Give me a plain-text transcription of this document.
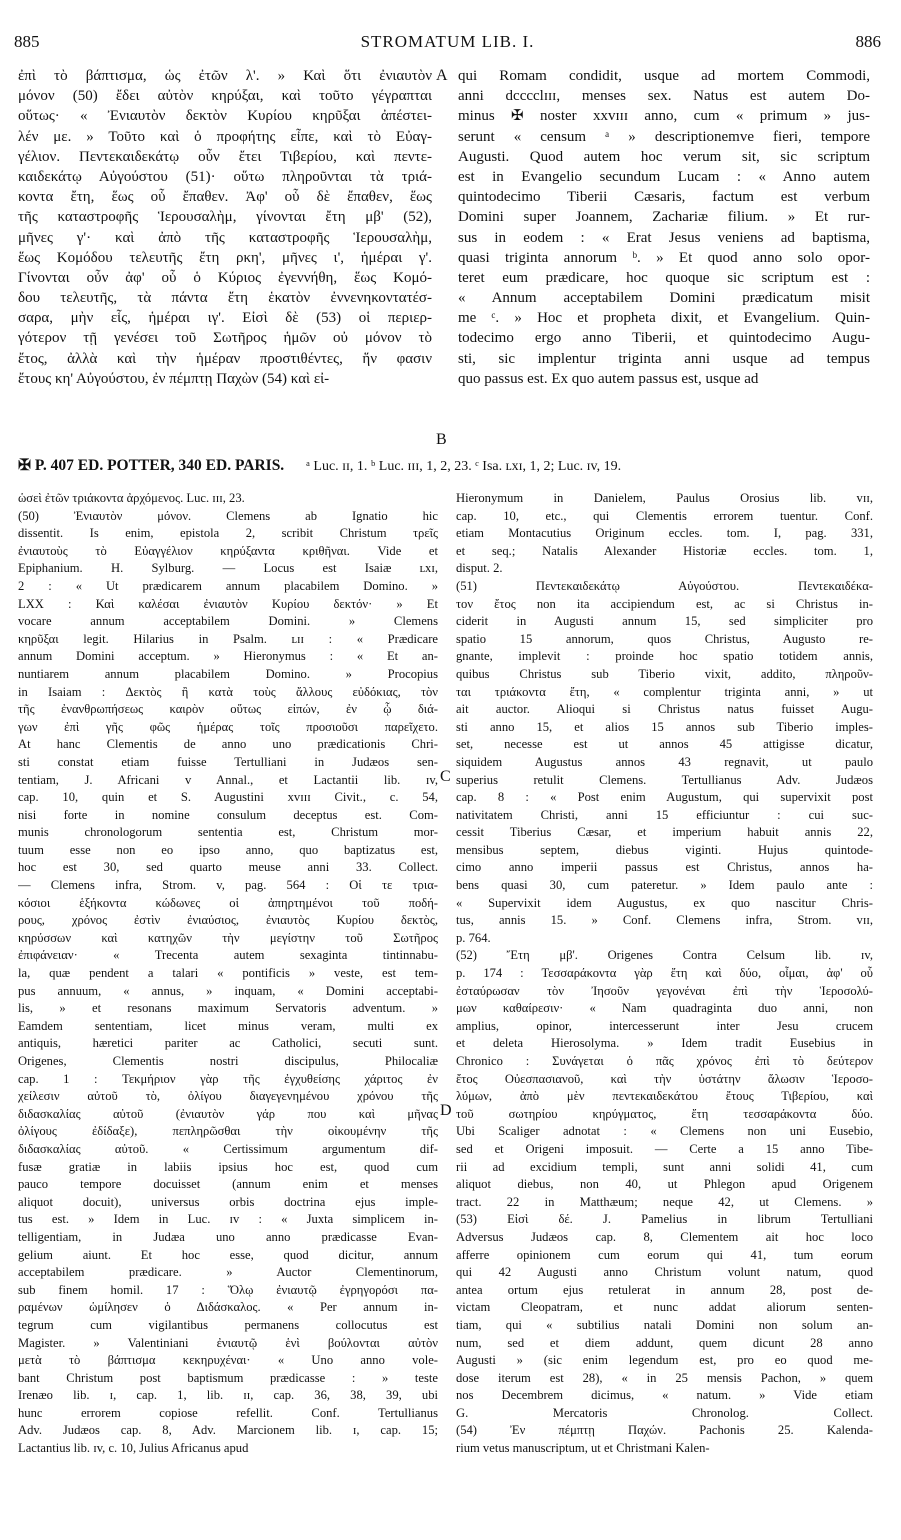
885	STROMATUM LIB. I.	886
ἐπὶ τὸ βάπτισμα, ὡς ἐτῶν λ'. » Καὶ ὅτι ἐνιαυτὸν
μόνον (50) ἔδει αὐτὸν κηρύξαι, καὶ τοῦτο γέγραπται
οὕτως· « Ἐνιαυτὸν δεκτὸν Κυρίου κηρῦξαι ἀπέστει-
λέν με. » Τοῦτο καὶ ὁ προφήτης εἶπε, καὶ τὸ Εὐαγ-
γέλιον. Πεντεκαιδεκάτῳ οὖν ἔτει Τιβερίου, καὶ πεντε-
καιδεκάτῳ Αὐγούστου (51)· οὕτω πληροῦνται τὰ τριά-
κοντα ἔτη, ἕως οὗ ἔπαθεν. Ἀφ' οὗ δὲ ἔπαθεν, ἕως
τῆς καταστροφῆς Ἱερουσαλὴμ, γίνονται ἔτη μβ' (52),
μῆνες γ'· καὶ ἀπὸ τῆς καταστροφῆς Ἱερουσαλὴμ,
ἕως Κομόδου τελευτῆς ἔτη ρκη', μῆνες ι', ἡμέραι γ'.
Γίνονται οὖν ἀφ' οὗ ὁ Κύριος ἐγεννήθη, ἕως Κομό-
δου τελευτῆς, τὰ πάντα ἔτη ἑκατὸν ἐννενηκοντατέσ-
σαρα, μὴν εἷς, ἡμέραι ιγ'. Εἰσὶ δὲ (53) οἱ περιερ-
γότερον τῇ γενέσει τοῦ Σωτῆρος ἡμῶν οὐ μόνον τὸ
ἔτος, ἀλλὰ καὶ τὴν ἡμέραν προστιθέντες, ἥν φασιν
ἔτους κη' Αὐγούστου, ἐν πέμπτῃ Παχὼν (54) καὶ εἰ-
qui Romam condidit, usque ad mortem Commodi,
anni dcccclɪɪɪ, menses sex. Natus est autem Do-
minus ✠ noster xxvɪɪɪ anno, cum « primum » jus-
serunt « censum ᵃ » descriptionemve fieri, tempore
Augusti. Quod autem hoc verum sit, sic scriptum
est in Evangelio secundum Lucam : « Anno autem
quintodecimo Tiberii Cæsaris, factum est verbum
Domini super Joannem, Zachariæ filium. » Et rur-
sus in eodem : « Erat Jesus veniens ad baptisma,
quasi triginta annorum ᵇ. » Et quod anno solo opor-
teret eum prædicare, hoc quoque sic scriptum est :
« Annum acceptabilem Domini prædicatum misit
me ᶜ. » Hoc et propheta dixit, et Evangelium. Quin-
todecimo ergo anno Tiberii, et quintodecimo Augu-
sti, sic implentur triginta anni usque ad tempus
quo passus est. Ex quo autem passus est, usque ad
A
B
C
D
✠ P. 407 ED. POTTER, 340 ED. PARIS. ᵃ Luc. ɪɪ, 1. ᵇ Luc. ɪɪɪ, 1, 2, 23. ᶜ Isa. ʟxɪ, 1, 2; Luc. ɪv, 19.
ὡσεὶ ἐτῶν τριάκοντα ἀρχόμενος. Luc. ɪɪɪ, 23.
(50) Ἐνιαυτὸν μόνον. Clemens ab Ignatio hic
dissentit. Is enim, epistola 2, scribit Christum τρεῖς
ἐνιαυτοὺς τὸ Εὐαγγέλιον κηρύξαντα κριθῆναι. Vide et
Epiphanium. H. Sylburg. — Locus est Isaiæ ʟxɪ,
2 : « Ut prædicarem annum placabilem Domino. »
LXX : Καὶ καλέσαι ἐνιαυτὸν Κυρίου δεκτόν· » Et
vocare annum acceptabilem Domini. » Clemens
κηρῦξαι legit. Hilarius in Psalm. ʟɪɪ : « Prædicare
annum Domini acceptum. » Hieronymus : « Et an-
nuntiarem annum placabilem Domino. » Procopius
in Isaiam : Δεκτὸς ἢ κατὰ τοὺς ἄλλους εὐδόκιας, τὸν
τῆς ἐνανθρωπήσεως καιρὸν οὕτως εἰπών, ἐν ᾧ διά-
γων ἐπὶ γῆς φῶς ἡμέρας τοῖς προσιοῦσι παρεῖχετο.
At hanc Clementis de anno uno prædicationis Chri-
sti constat etiam fuisse Tertulliani in Judæos sen-
tentiam, J. Africani v Annal., et Lactantii lib. ɪv,
cap. 10, quin et S. Augustini xvɪɪɪ Civit., c. 54,
nisi forte in nomine consulum deceptus est. Com-
munis chronologorum sententia est, Christum mor-
tuum esse non eo ipso anno, quo baptizatus est,
hoc est 30, sed quarto meuse anni 33. Collect.
— Clemens infra, Strom. v, pag. 564 : Οἱ τε τρια-
κόσιοι ἑξήκοντα κώδωνες οἱ ἀπηρτημένοι τοῦ ποδή-
ρους, χρόνος ἐστὶν ἐνιαύσιος, ἐνιαυτὸς Κυρίου δεκτὸς,
κηρύσσων καὶ κατηχῶν τὴν μεγίστην τοῦ Σωτῆρος
ἐπιφάνειαν· « Trecenta autem sexaginta tintinnabu-
la, quæ pendent a talari « pontificis » veste, est tem-
pus annuum, « annus, » inquam, « Domini acceptabi-
lis, » et resonans maximum Servatoris adventum. »
Eamdem sententiam, licet minus veram, multi ex
antiquis, hæretici pariter ac Catholici, secuti sunt.
Origenes, Clementis nostri discipulus, Philocaliæ
cap. 1 : Τεκμήριον γὰρ τῆς ἐγχυθείσης χάριτος ἐν
χείλεσιν αὐτοῦ τὸ, ὀλίγου διαγεγενημένου χρόνου τῆς
διδασκαλίας αὐτοῦ (ἐνιαυτὸν γάρ που καὶ μῆνας
ὀλίγους ἐδίδαξε), πεπληρῶσθαι τὴν οἰκουμένην τῆς
διδασκαλίας αὐτοῦ. « Certissimum argumentum dif-
fusæ gratiæ in labiis ipsius hoc est, quod cum
pauco tempore docuisset (annum enim et menses
aliquot docuit), universus orbis doctrina ejus imple-
tus est. » Idem in Luc. ɪv : « Juxta simplicem in-
telligentiam, in Judæa uno anno prædicasse Evan-
gelium aiunt. Et hoc esse, quod dicitur, annum
acceptabilem prædicare. » Auctor Clementinorum,
sub finem homil. 17 : Ὅλῳ ἐνιαυτῷ ἐγρηγορόσι πα-
ραμένων ὡμίλησεν ὁ Διδάσκαλος. « Per annum in-
tegrum cum vigilantibus permanens collocutus est
Magister. » Valentiniani ἐνιαυτῷ ἑνὶ βούλονται αὐτὸν
μετὰ τὸ βάπτισμα κεκηρυχέναι· « Uno anno vole-
bant Christum post baptismum prædicasse : » teste
Irenæo lib. ɪ, cap. 1, lib. ɪɪ, cap. 36, 38, 39, ubi
hunc errorem copiose refellit. Conf. Tertullianus
Adv. Judæos cap. 8, Adv. Marcionem lib. ɪ, cap. 15;
Lactantius lib. ɪv, c. 10, Julius Africanus apud
Hieronymum in Danielem, Paulus Orosius lib. vɪɪ,
cap. 10, etc., qui Clementis errorem tuentur. Conf.
etiam Montacutius Originum eccles. tom. I, pag. 331,
et seq.; Natalis Alexander Historiæ eccles. tom. 1,
disput. 2.
(51) Πεντεκαιδεκάτῳ Αὐγούστου. Πεντεκαιδέκα-
τον ἔτος non ita accipiendum est, ac si Christus in-
ciderit in Augusti annum 15, sed simpliciter pro
spatio 15 annorum, quos Christus, Augusto re-
gnante, implevit : proinde hoc spatio totidem annis,
quibus Christus sub Tiberio vixit, addito, πληροῦν-
ται τριάκοντα ἔτη, « complentur triginta anni, » ut
ait auctor. Alioqui si Christus natus fuisset Augu-
sti anno 15, et alios 15 annos sub Tiberio imples-
set, necesse est ut annos 45 attigisse dicatur,
siquidem Augustus annos 43 regnavit, ut paulo
superius retulit Clemens. Tertullianus Adv. Judæos
cap. 8 : « Post enim Augustum, qui supervixit post
nativitatem Christi, anni 15 efficiuntur : cui suc-
cessit Tiberius Cæsar, et imperium habuit annis 22,
mensibus septem, diebus viginti. Hujus quintode-
cimo anno imperii passus est Christus, annos ha-
bens quasi 30, cum pateretur. » Idem paulo ante :
« Supervixit idem Augustus, ex quo nascitur Chris-
tus, annis 15. » Conf. Clemens infra, Strom. vɪɪ,
p. 764.
(52) Ἔτη μβ'. Origenes Contra Celsum lib. ɪv,
p. 174 : Τεσσαράκοντα γὰρ ἔτη καὶ δύο, οἶμαι, ἀφ' οὗ
ἐσταύρωσαν τὸν Ἰησοῦν γεγονέναι ἐπὶ τὴν Ἱεροσολύ-
μων καθαίρεσιν· « Nam quadraginta duo anni, non
amplius, opinor, intercesserunt inter Jesu crucem
et deleta Hierosolyma. » Idem tradit Eusebius in
Chronico : Συνάγεται ὁ πᾶς χρόνος ἐπὶ τὸ δεύτερον
ἔτος Οὐεσπασιανοῦ, καὶ τὴν ὑστάτην ἅλωσιν Ἱεροσο-
λύμων, ἀπὸ μὲν πεντεκαιδεκάτου ἔτους Τιβερίου, καὶ
τοῦ σωτηρίου κηρύγματος, ἔτη τεσσαράκοντα δύο.
Ubi Scaliger adnotat : « Clemens non uni Eusebio,
sed et Origeni imposuit. — Certe a 15 anno Tibe-
rii ad excidium templi, sunt anni solidi 41, cum
aliquot diebus, non 40, ut Phlegon apud Origenem
tract. 22 in Matthæum; neque 42, ut Clemens. »
(53) Εἰσὶ δέ. J. Pamelius in librum Tertulliani
Adversus Judæos cap. 8, Clementem ait hoc loco
afferre opinionem cum eorum qui 41, tum eorum
qui 42 Augusti anno Christum volunt natum, quod
antea ortum ejus retulerat in annum 28, post de-
victam Cleopatram, et nunc addat aliorum senten-
tiam, qui « subtilius natali Domini non solum an-
num, sed et diem addunt, quem dicunt 28 anno
Augusti » (sic enim legendum est, pro eo quod me-
dose iterum est 28), « in 25 mensis Pachon, » quem
nos Decembrem dicimus, « natum. » Vide etiam
G. Mercatoris Chronolog. Collect.
(54) Ἐν πέμπτῃ Παχών. Pachonis 25. Kalenda-
rium vetus manuscriptum, ut et Christmani Kalen-
